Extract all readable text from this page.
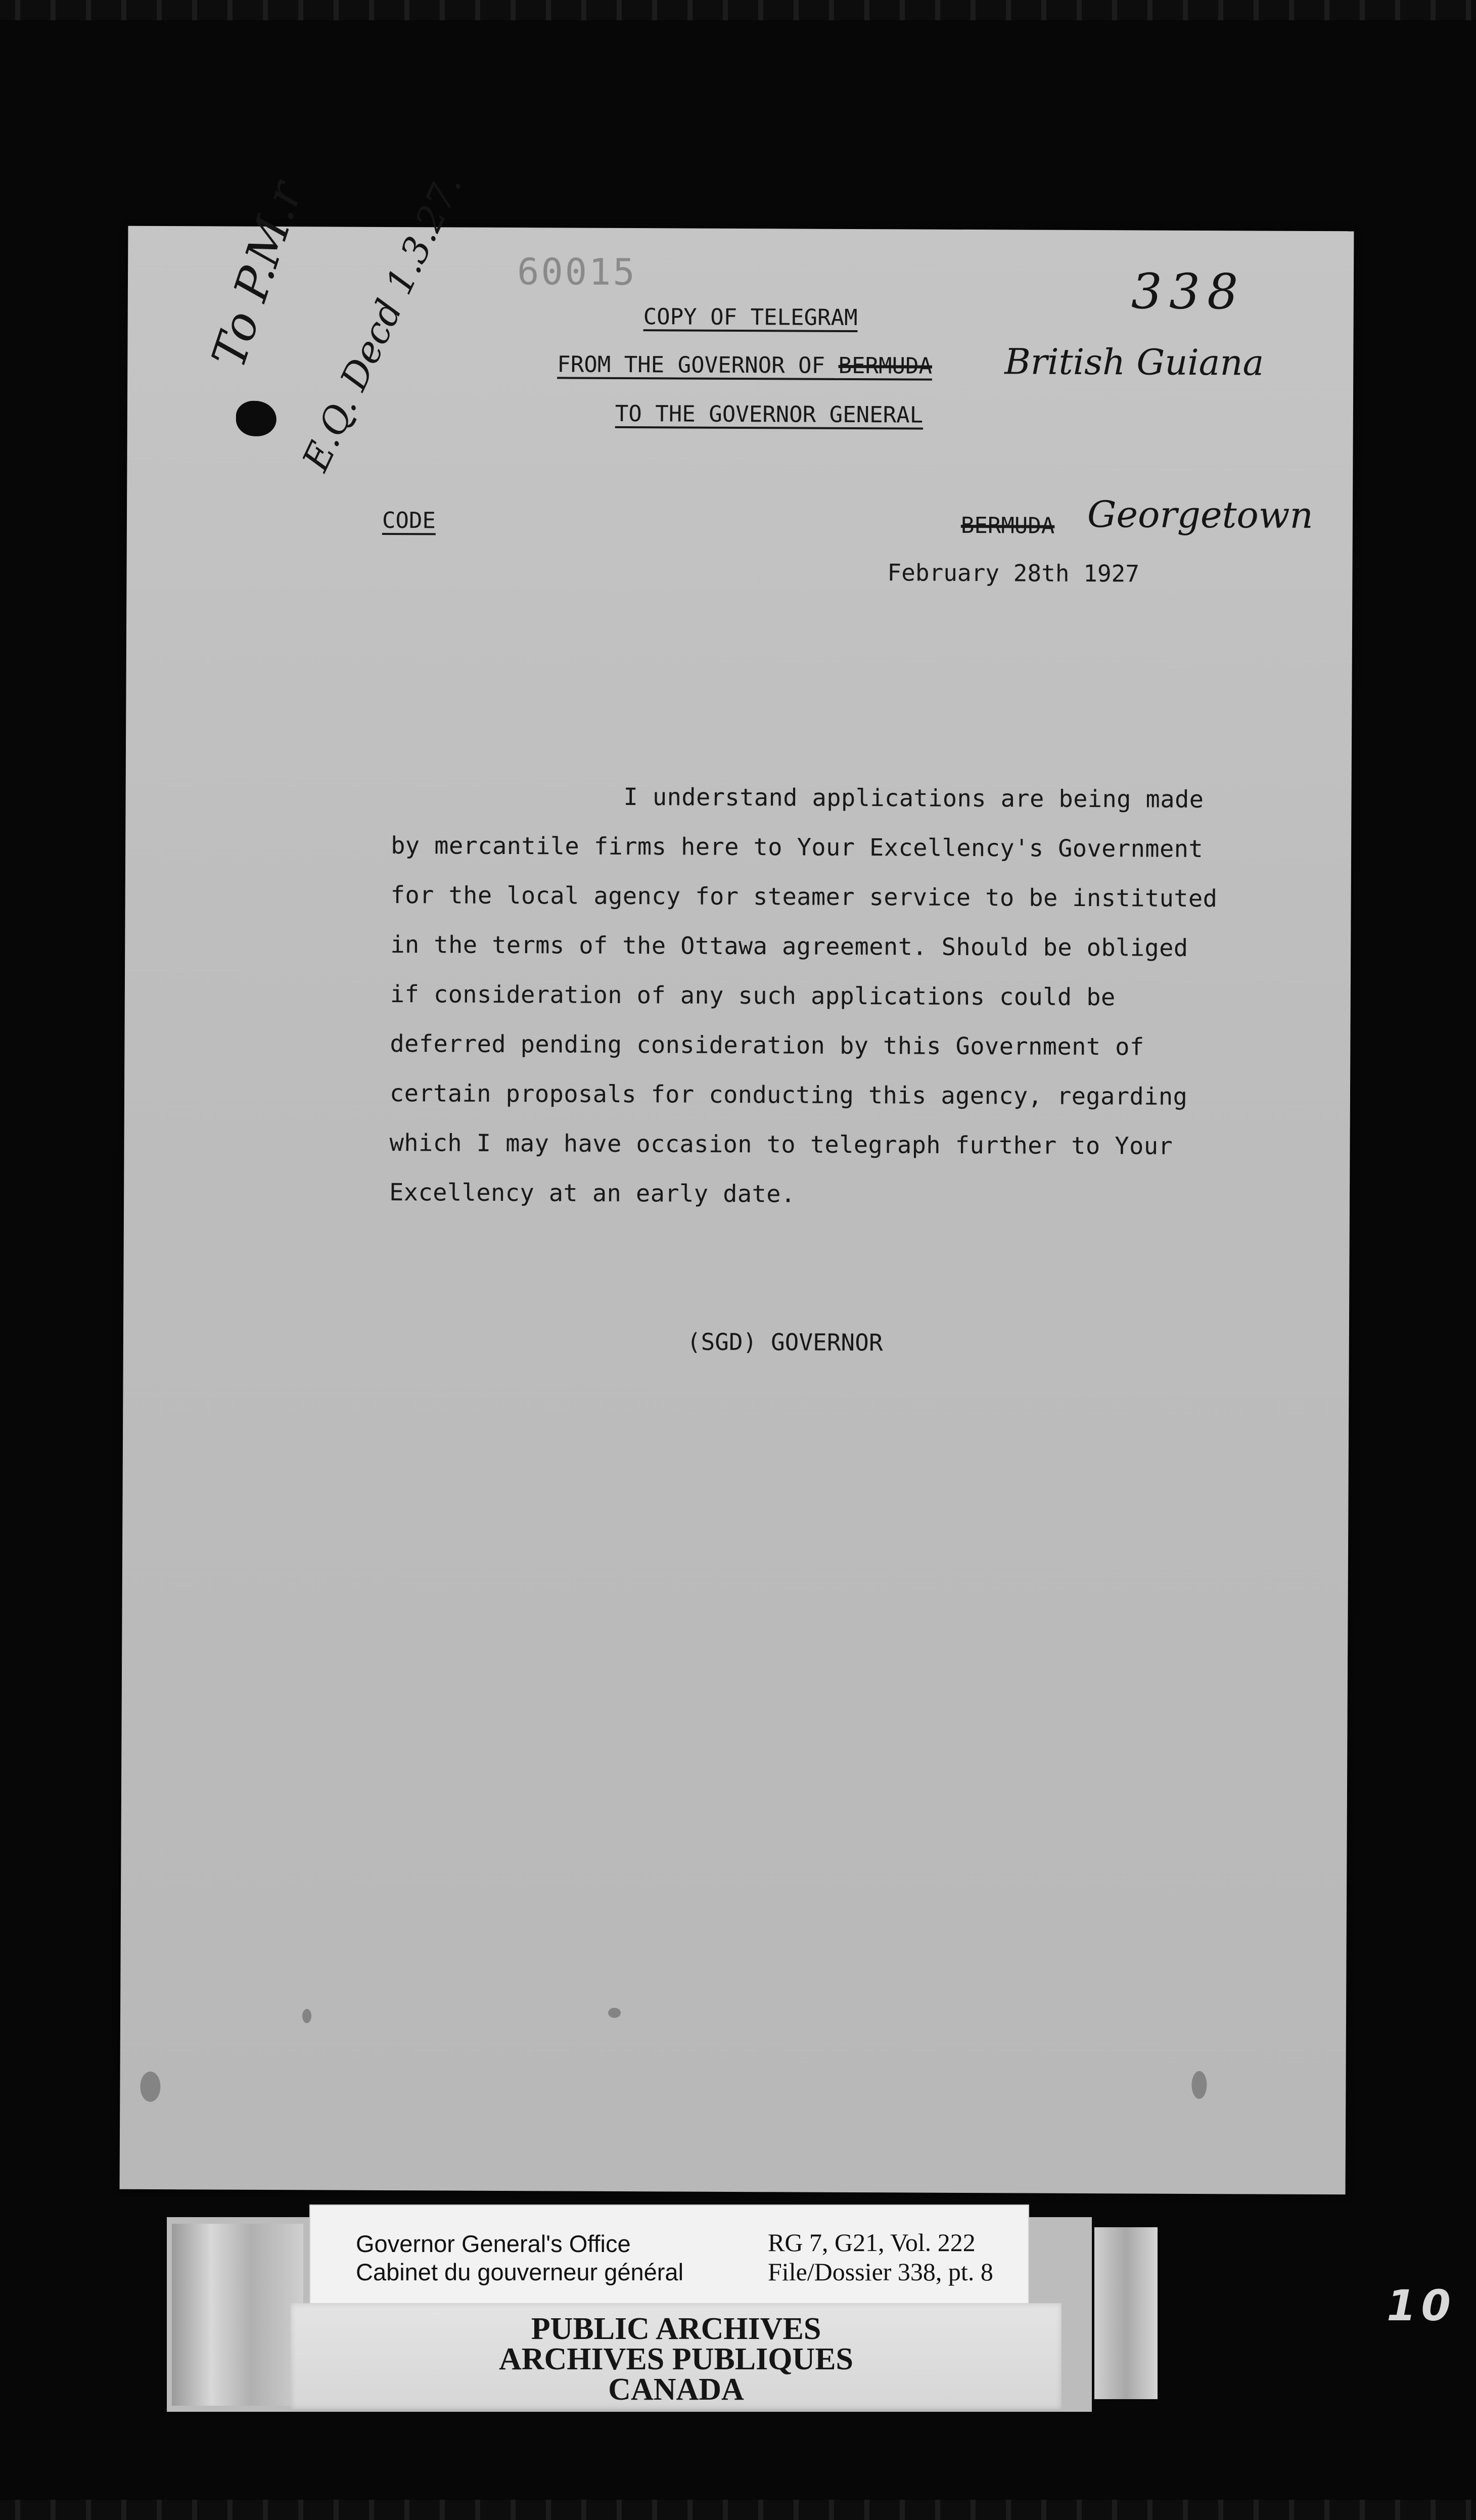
60015	338
COPY OF TELEGRAM
FROM THE GOVERNOR OF BERMUDA British Guiana
TO THE GOVERNOR GENERAL
To P.M.r
E.Q. Decd 1.3.27.
CODE	BERMUDA Georgetown
February 28th 1927
I understand applications are being made
by mercantile firms here to Your Excellency's Government
for the local agency for steamer service to be instituted
in the terms of the Ottawa agreement. Should be obliged
if consideration of any such applications could be
deferred pending consideration by this Government of
certain proposals for conducting this agency, regarding
which I may have occasion to telegraph further to Your
Excellency at an early date.
(SGD) GOVERNOR
Governor General's Office
Cabinet du gouverneur général
RG 7, G21, Vol. 222
File/Dossier 338, pt. 8
PUBLIC ARCHIVES
ARCHIVES PUBLIQUES
CANADA
10
